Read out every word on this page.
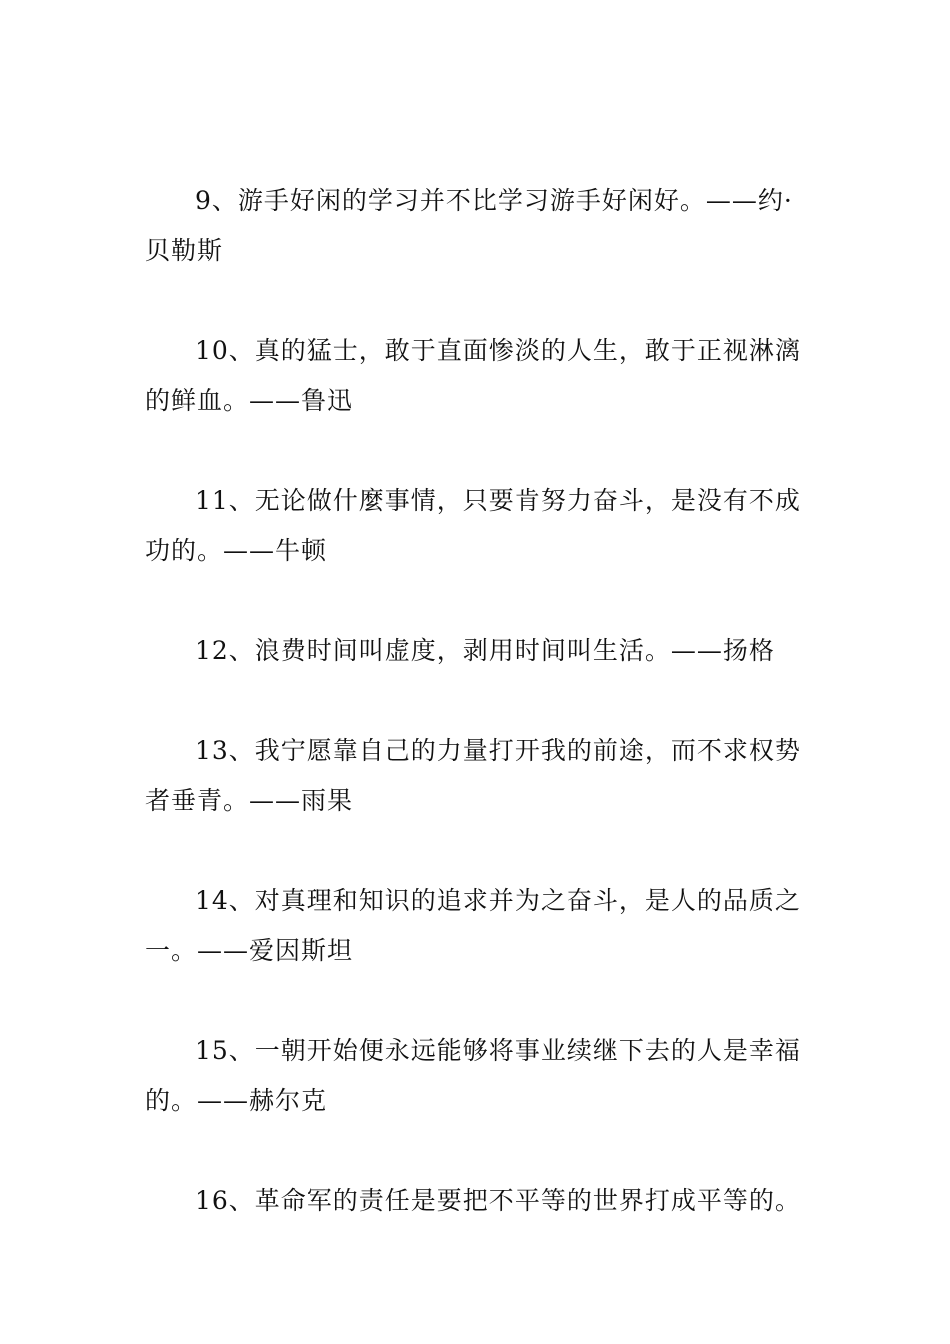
9、游手好闲的学习并不比学习游手好闲好。——约·贝勒斯

10、真的猛士，敢于直面惨淡的人生，敢于正视淋漓的鲜血。——鲁迅

11、无论做什麼事情，只要肯努力奋斗，是没有不成功的。——牛顿

12、浪费时间叫虚度，剥用时间叫生活。——扬格

13、我宁愿靠自己的力量打开我的前途，而不求权势者垂青。——雨果

14、对真理和知识的追求并为之奋斗，是人的品质之一。——爱因斯坦

15、一朝开始便永远能够将事业续继下去的人是幸福的。——赫尔克

16、革命军的责任是要把不平等的世界打成平等的。
